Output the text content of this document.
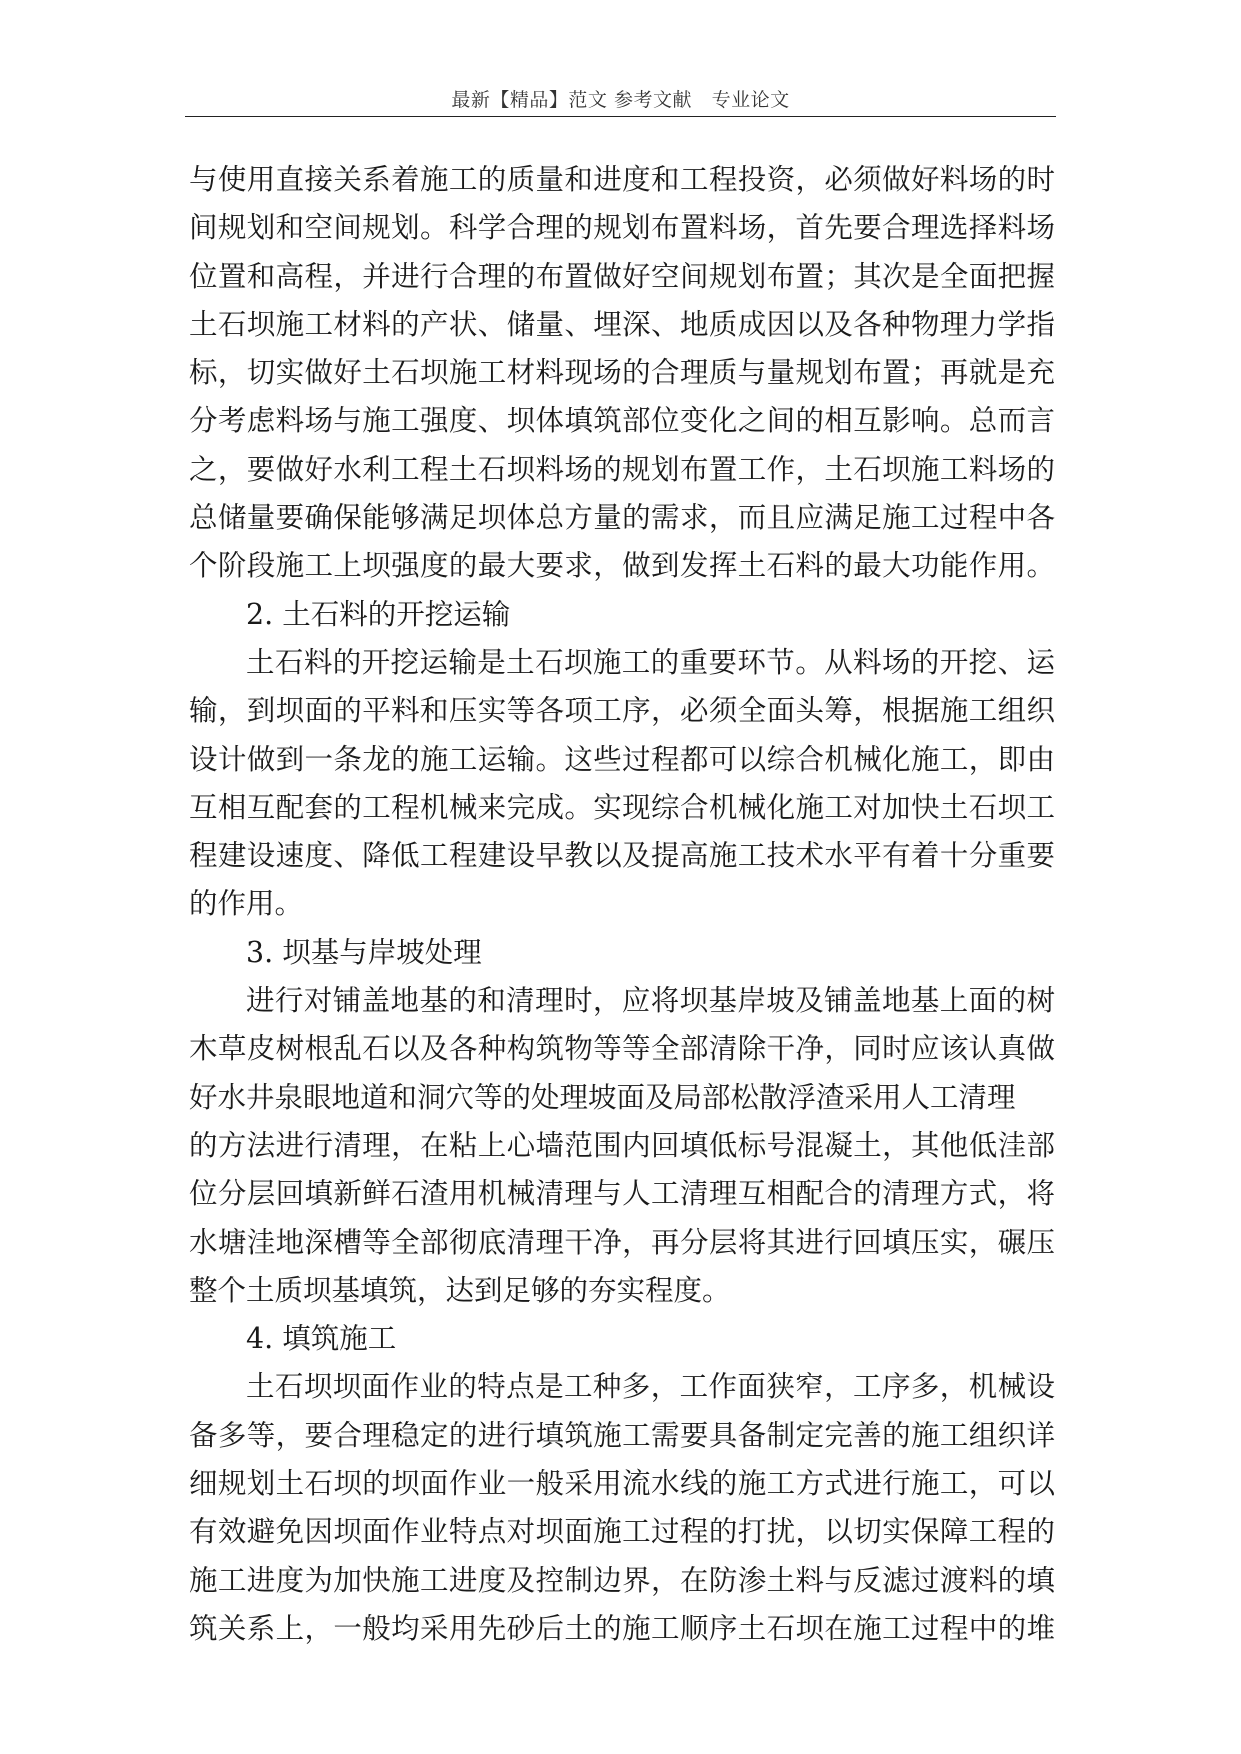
最新【精品】范文 参考文献   专业论文
与使用直接关系着施工的质量和进度和工程投资，必须做好料场的时
间规划和空间规划。科学合理的规划布置料场，首先要合理选择料场
位置和高程，并进行合理的布置做好空间规划布置；其次是全面把握
土石坝施工材料的产状、储量、埋深、地质成因以及各种物理力学指
标，切实做好土石坝施工材料现场的合理质与量规划布置；再就是充
分考虑料场与施工强度、坝体填筑部位变化之间的相互影响。总而言
之，要做好水利工程土石坝料场的规划布置工作，土石坝施工料场的
总储量要确保能够满足坝体总方量的需求，而且应满足施工过程中各
个阶段施工上坝强度的最大要求，做到发挥土石料的最大功能作用。
2. 土石料的开挖运输
土石料的开挖运输是土石坝施工的重要环节。从料场的开挖、运
输，到坝面的平料和压实等各项工序，必须全面头筹，根据施工组织
设计做到一条龙的施工运输。这些过程都可以综合机械化施工，即由
互相互配套的工程机械来完成。实现综合机械化施工对加快土石坝工
程建设速度、降低工程建设早教以及提高施工技术水平有着十分重要
的作用。
3. 坝基与岸坡处理
进行对铺盖地基的和清理时，应将坝基岸坡及铺盖地基上面的树
木草皮树根乱石以及各种构筑物等等全部清除干净，同时应该认真做
好水井泉眼地道和洞穴等的处理坡面及局部松散浮渣采用人工清理
的方法进行清理，在粘上心墙范围内回填低标号混凝土，其他低洼部
位分层回填新鲜石渣用机械清理与人工清理互相配合的清理方式，将
水塘洼地深槽等全部彻底清理干净，再分层将其进行回填压实，碾压
整个土质坝基填筑，达到足够的夯实程度。
4. 填筑施工
土石坝坝面作业的特点是工种多，工作面狭窄，工序多，机械设
备多等，要合理稳定的进行填筑施工需要具备制定完善的施工组织详
细规划土石坝的坝面作业一般采用流水线的施工方式进行施工，可以
有效避免因坝面作业特点对坝面施工过程的打扰，以切实保障工程的
施工进度为加快施工进度及控制边界，在防渗土料与反滤过渡料的填
筑关系上，一般均采用先砂后土的施工顺序土石坝在施工过程中的堆
